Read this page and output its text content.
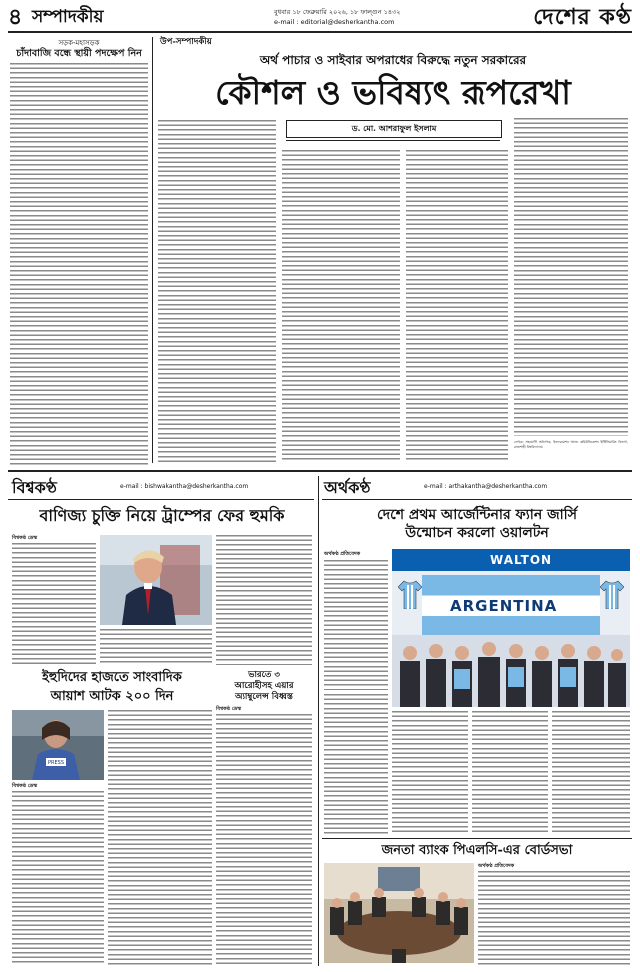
৪ সম্পাদকীয়	বুধবার ১৮ ফেব্রুয়ারি ২০২৬, ১৮ ফাল্গুন ১৪৩২
e-mail : editorial@desherkantha.com	দেশের কণ্ঠ
সড়ক-মহাসড়ক
চাঁদাবাজি বন্ধে স্থায়ী পদক্ষেপ নিন
উপ-সম্পাদকীয়
অর্থ পাচার ও সাইবার অপরাধের বিরুদ্ধে নতুন সরকারের
কৌশল ও ভবিষ্যৎ রূপরেখা
ড. মো. আশরাফুল ইসলাম
লেখক: সহযোগী অধ্যাপক, ইনফরমেশন অ্যান্ড কমিউনিকেশন ইঞ্জিনিয়ারিং বিভাগ, রাজশাহী বিশ্ববিদ্যালয়
বিশ্বকণ্ঠ	e-mail : bishwakantha@desherkantha.com
বাণিজ্য চুক্তি নিয়ে ট্রাম্পের ফের হুমকি
বিশ্বকণ্ঠ ডেস্ক
ইহুদিদের হাজতে সাংবাদিক
আয়াশ আটক ২০০ দিন
PRESS
বিশ্বকণ্ঠ ডেস্ক
ভারতে ৩
আরোহীসহ এয়ার
অ্যাম্বুলেন্স বিধ্বস্ত
বিশ্বকণ্ঠ ডেস্ক
অর্থকণ্ঠ	e-mail : arthakantha@desherkantha.com
দেশে প্রথম আর্জেন্টিনার ফ্যান জার্সি
উন্মোচন করলো ওয়ালটন
অর্থকণ্ঠ প্রতিবেদক	WALTON
ARGENTINA
জনতা ব্যাংক পিএলসি-এর বোর্ডসভা
অর্থকণ্ঠ প্রতিবেদক
